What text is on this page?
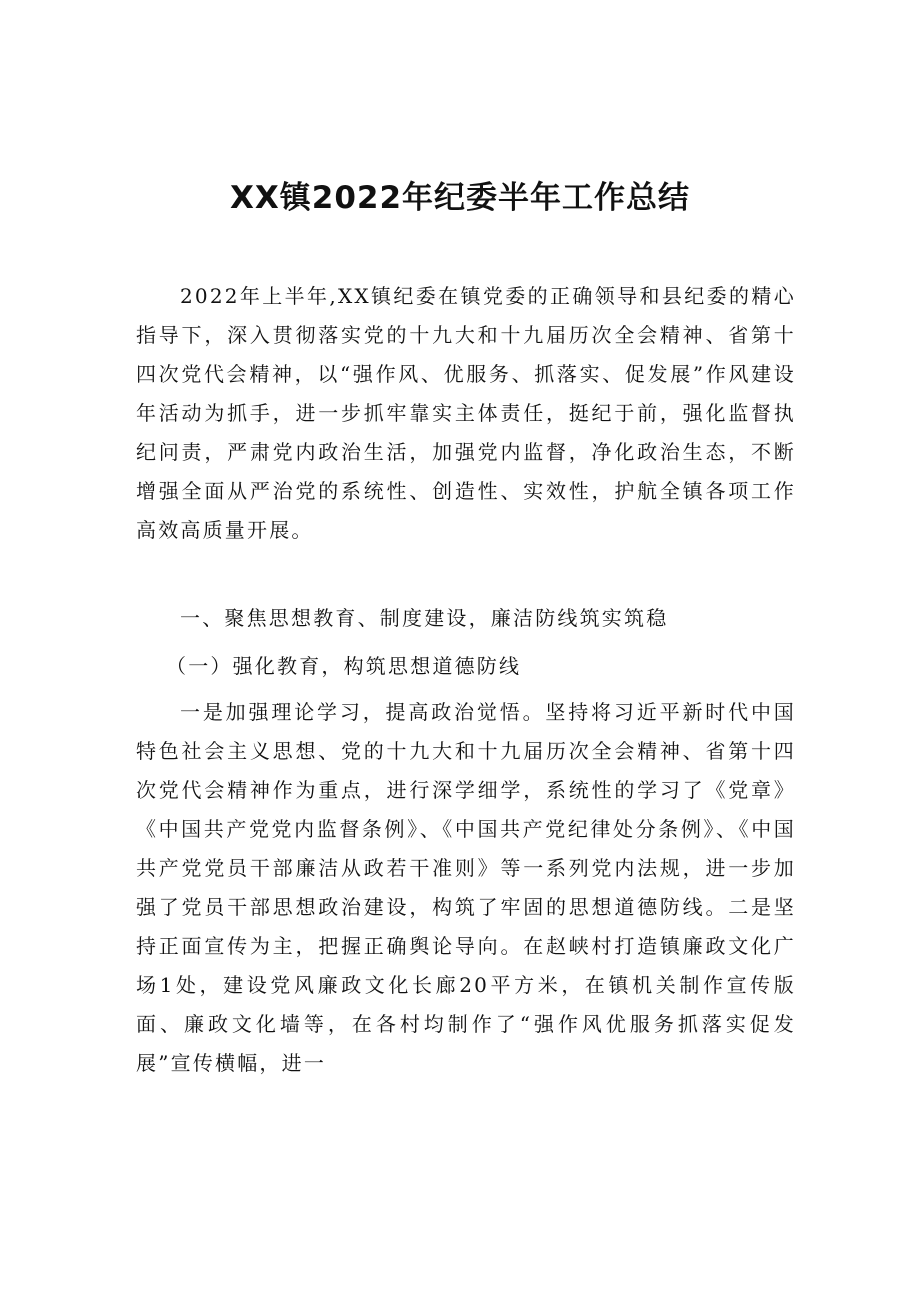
XX镇2022年纪委半年工作总结

2022年上半年,XX镇纪委在镇党委的正确领导和县纪委的精心指导下，深入贯彻落实党的十九大和十九届历次全会精神、省第十四次党代会精神，以“强作风、优服务、抓落实、促发展”作风建设年活动为抓手，进一步抓牢靠实主体责任，挺纪于前，强化监督执纪问责，严肃党内政治生活，加强党内监督，净化政治生态，不断增强全面从严治党的系统性、创造性、实效性，护航全镇各项工作高效高质量开展。

一、聚焦思想教育、制度建设，廉洁防线筑实筑稳

（一）强化教育，构筑思想道德防线

一是加强理论学习，提高政治觉悟。坚持将习近平新时代中国特色社会主义思想、党的十九大和十九届历次全会精神、省第十四次党代会精神作为重点，进行深学细学，系统性的学习了《党章》《中国共产党党内监督条例》、《中国共产党纪律处分条例》、《中国共产党党员干部廉洁从政若干准则》等一系列党内法规，进一步加强了党员干部思想政治建设，构筑了牢固的思想道德防线。二是坚持正面宣传为主，把握正确舆论导向。在赵峡村打造镇廉政文化广场1处，建设党风廉政文化长廊20平方米，在镇机关制作宣传版面、廉政文化墙等，在各村均制作了“强作风优服务抓落实促发展”宣传横幅，进一
